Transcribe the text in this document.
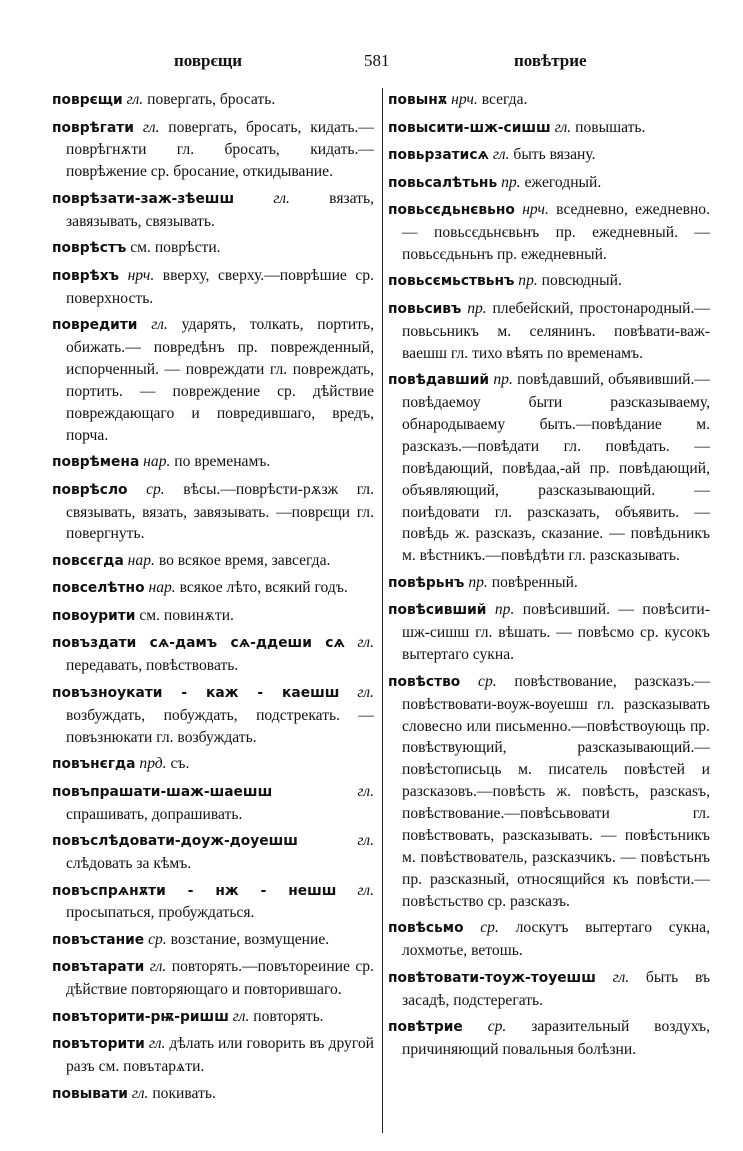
поврєщи	581	повѣтрие

поврєщи гл. повергать, бросать.

поврѣгати гл. повергать, бросать, кидать.—поврѣгнѫти гл. бросать, кидать.—поврѣжение ср. бросание, откидывание.

поврѣзати-заж-зѣешш	гл.	вязать, завязывать, связывать.

поврѣстъ см. поврѣсти.

поврѣхъ нрч. вверху, сверху.—поврѣшие ср. поверхность.

повредити гл. ударять, толкать, портить, обижать.— повредѣнъ пр. поврежденный, испорченный. — повреждати гл. повреждать, портить. — повреждение ср. дѣйствие повреждающаго и повредившаго, вредъ, порча.

поврѣмена нар. по временамъ.

поврѣсло ср. вѣсы.—поврѣсти-рѫзж гл. связывать, вязать, завязывать. —поврєщи гл. повергнуть.

повсєгда нар. во всякое время, завсегда.

повселѣтно нар. всякое лѣто, всякий годъ.

повоурити см. повинѫти.

повъздати сѧ-дамъ сѧ-ддеши сѧ гл. передавать, повѣствовать.

повъзноукати - каж - кaешш гл. возбуждать, побуждать, подстрекать. —повъзнюкати гл. возбуждать.

повънєгда прд. съ.

повъпрашати-шаж-шаешш	гл. спрашивать, допрашивать.

повъслѣдовати-доуж-доуешш	гл. слѣдовать за кѣмъ.

повъспрѧнѫти - нж - нешш гл. просыпаться, пробуждаться.

повъстание ср. возстание, возмущение.

повътарати гл. повторять.—повътореиние ср. дѣйствие повторяющаго и повторившаго.

повъторити-рѭ-ришш гл. повторять.

повъторити гл. дѣлать или говорить въ другой разъ см. повътарѧти.

повывати гл. покивать.

повынѫ нрч. всегда.

повысити-шж-сишш гл. повышать.

повьрзатисѧ гл. быть вязану.

повьсалѣтьнь пр. ежегодный.

повьсєдьнєвьно нрч. вседневно, ежедневно. — повьсєдьнєвьнъ пр. ежедневный. — повьсєдьньнъ пр. ежедневный.

повьсємьствьнъ пр. повсюдный.

повьсивъ пр. плебейский, простонародный.—повьсьникъ м. селянинъ. повѣвати-важ-ваешш гл. тихо вѣять по временамъ.

повѣдавший пр. повѣдавший, объявивший.—повѣдаемоу быти разсказываему, обнародываему быть.—повѣдание м. разсказъ.—повѣдати гл. повѣдать. — повѣдающий, повѣдаа,-ай пр. повѣдающий, объявляющий, разсказывающий. —поиѣдовати гл. разсказать, объявить. — повѣдь ж. разсказъ, сказание. — повѣдьникъ м. вѣстникъ.—повѣдѣти гл. разсказывать.

повѣрьнъ пр. повѣренный.

повѣсивший пр. повѣсивший. — повѣсити-шж-сишш гл. вѣшать. — повѣсмо ср. кусокъ вытертаго сукна.

повѣство ср. повѣствование, разсказъ.— повѣствовати-воуж-воуешш гл. разсказывать словесно или письменно.—повѣствоующь пр. повѣствующий, разсказывающий.—повѣстописьць м. писатель повѣстей и разсказовъ.—повѣсть ж. повѣсть, разскаsъ, повѣствование.—повѣсьвовати гл. повѣствовать, разсказывать. — повѣстьникъ м. повѣствователь, разсказчикъ. — повѣстьнъ пр. разсказный, относящийся къ повѣсти.—повѣстьство ср. разсказъ.

повѣсьмо ср. лоскутъ вытертаго сукна, лохмотье, ветошь.

повѣтовати-тоуж-тоуешш гл. быть въ засадѣ, подстерегать.

повѣтрие ср. заразительный воздухъ, причиняющий повальныя болѣзни.
